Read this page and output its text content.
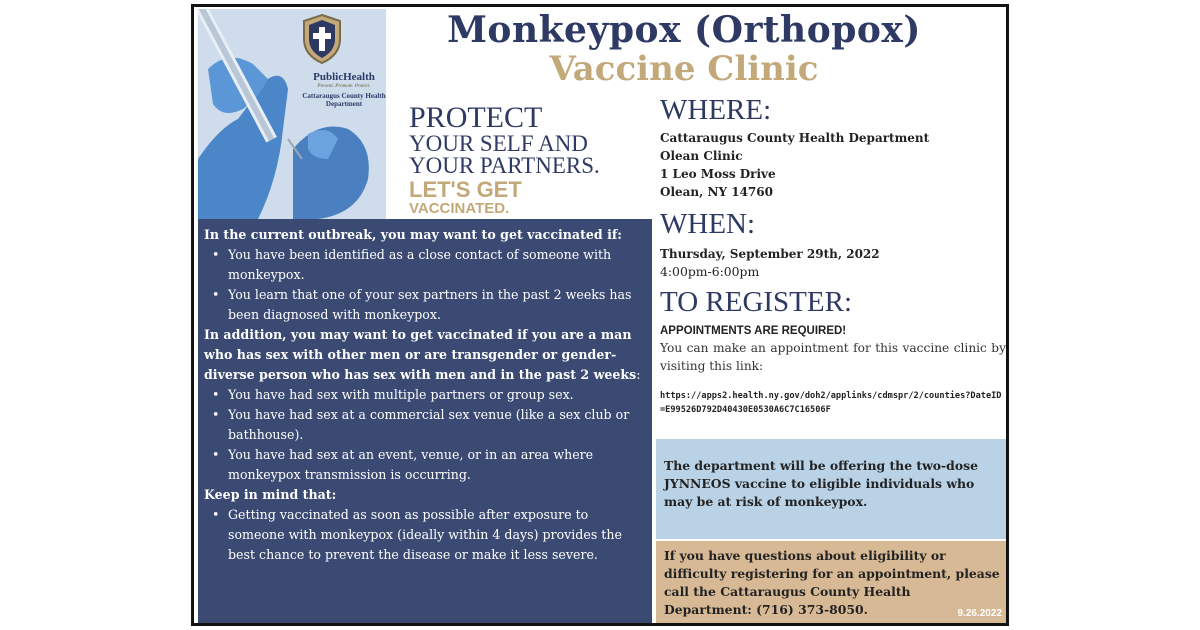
PublicHealth
Prevent. Promote. Protect.
Cattaraugus County Health Department
Monkeypox (Orthopox)
Vaccine Clinic
PROTECT
YOUR SELF AND
YOUR PARTNERS.
LET'S GET
VACCINATED.
In the current outbreak, you may want to get vaccinated if:
• You have been identified as a close contact of someone with monkeypox.
• You learn that one of your sex partners in the past 2 weeks has been diagnosed with monkeypox.
In addition, you may want to get vaccinated if you are a man who has sex with other men or are transgender or gender-diverse person who has sex with men and in the past 2 weeks:
• You have had sex with multiple partners or group sex.
• You have had sex at a commercial sex venue (like a sex club or bathhouse).
• You have had sex at an event, venue, or in an area where monkeypox transmission is occurring.
Keep in mind that:
• Getting vaccinated as soon as possible after exposure to someone with monkeypox (ideally within 4 days) provides the best chance to prevent the disease or make it less severe.
WHERE:
Cattaraugus County Health Department
Olean Clinic
1 Leo Moss Drive
Olean, NY 14760
WHEN:
Thursday, September 29th, 2022
4:00pm-6:00pm
TO REGISTER:
APPOINTMENTS ARE REQUIRED!
You can make an appointment for this vaccine clinic by visiting this link:
https://apps2.health.ny.gov/doh2/applinks/cdmspr/2/counties?DateID=E99526D792D40430E0530A6C7C16506F
The department will be offering the two-dose JYNNEOS vaccine to eligible individuals who may be at risk of monkeypox.
If you have questions about eligibility or difficulty registering for an appointment, please call the Cattaraugus County Health Department: (716) 373-8050.	9.26.2022
